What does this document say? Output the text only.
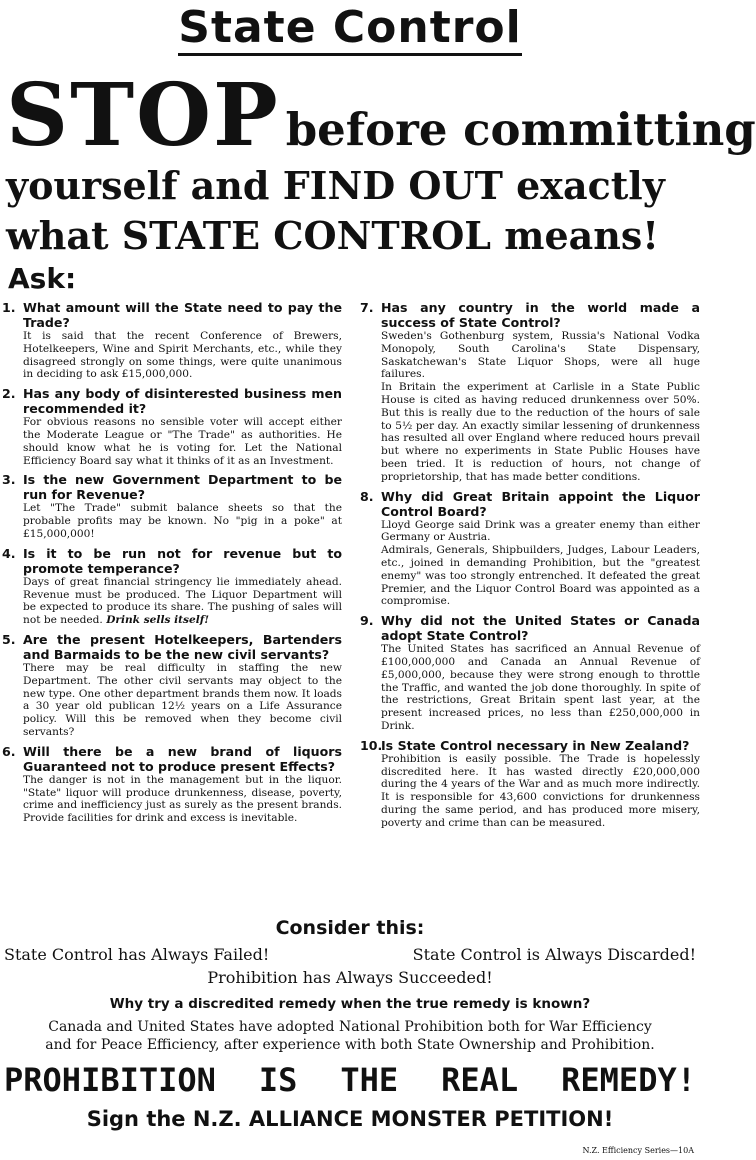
State Control
STOP before committing
yourself and FIND OUT exactly
what STATE CONTROL means!
Ask:
1. What amount will the State need to pay the Trade?

It is said that the recent Conference of Brewers, Hotelkeepers, Wine and Spirit Merchants, etc., while they disagreed strongly on some things, were quite unanimous in deciding to ask £15,000,000.

2. Has any body of disinterested business men recommended it?

For obvious reasons no sensible voter will accept either the Moderate League or "The Trade" as authorities. He should know what he is voting for. Let the National Efficiency Board say what it thinks of it as an Investment.

3. Is the new Government Department to be run for Revenue?

Let "The Trade" submit balance sheets so that the probable profits may be known. No "pig in a poke" at £15,000,000!

4. Is it to be run not for revenue but to promote temperance?

Days of great financial stringency lie immediately ahead. Revenue must be produced. The Liquor Department will be expected to produce its share. The pushing of sales will not be needed. Drink sells itself!

5. Are the present Hotelkeepers, Bartenders and Barmaids to be the new civil servants?

There may be real difficulty in staffing the new Department. The other civil servants may object to the new type. One other department brands them now. It loads a 30 year old publican 12½ years on a Life Assurance policy. Will this be removed when they become civil servants?

6. Will there be a new brand of liquors Guaranteed not to produce present Effects?

The danger is not in the management but in the liquor. "State" liquor will produce drunkenness, disease, poverty, crime and inefficiency just as surely as the present brands. Provide facilities for drink and excess is inevitable.

7. Has any country in the world made a success of State Control?

Sweden's Gothenburg system, Russia's National Vodka Monopoly, South Carolina's State Dispensary, Saskatchewan's State Liquor Shops, were all huge failures.

In Britain the experiment at Carlisle in a State Public House is cited as having reduced drunkenness over 50%. But this is really due to the reduction of the hours of sale to 5½ per day. An exactly similar lessening of drunkenness has resulted all over England where reduced hours prevail but where no experiments in State Public Houses have been tried. It is reduction of hours, not change of proprietorship, that has made better conditions.

8. Why did Great Britain appoint the Liquor Control Board?

Lloyd George said Drink was a greater enemy than either Germany or Austria.

Admirals, Generals, Shipbuilders, Judges, Labour Leaders, etc., joined in demanding Prohibition, but the "greatest enemy" was too strongly entrenched. It defeated the great Premier, and the Liquor Control Board was appointed as a compromise.

9. Why did not the United States or Canada adopt State Control?

The United States has sacrificed an Annual Revenue of £100,000,000 and Canada an Annual Revenue of £5,000,000, because they were strong enough to throttle the Traffic, and wanted the job done thoroughly. In spite of the restrictions, Great Britain spent last year, at the present increased prices, no less than £250,000,000 in Drink.

10.
Is State Control necessary in New Zealand?

Prohibition is easily possible. The Trade is hopelessly discredited here. It has wasted directly £20,000,000 during the 4 years of the War and as much more indirectly. It is responsible for 43,600 convictions for drunkenness during the same period, and has produced more misery, poverty and crime than can be measured.

Consider this:
State Control has Always Failed!	State Control is Always Discarded!
Prohibition has Always Succeeded!
Why try a discredited remedy when the true remedy is known?
Canada and United States have adopted National Prohibition both for War Efficiency
and for Peace Efficiency, after experience with both State Ownership and Prohibition.
PROHIBITION IS THE REAL REMEDY!
Sign the N.Z. ALLIANCE MONSTER PETITION!
N.Z. Efficiency Series—10A
